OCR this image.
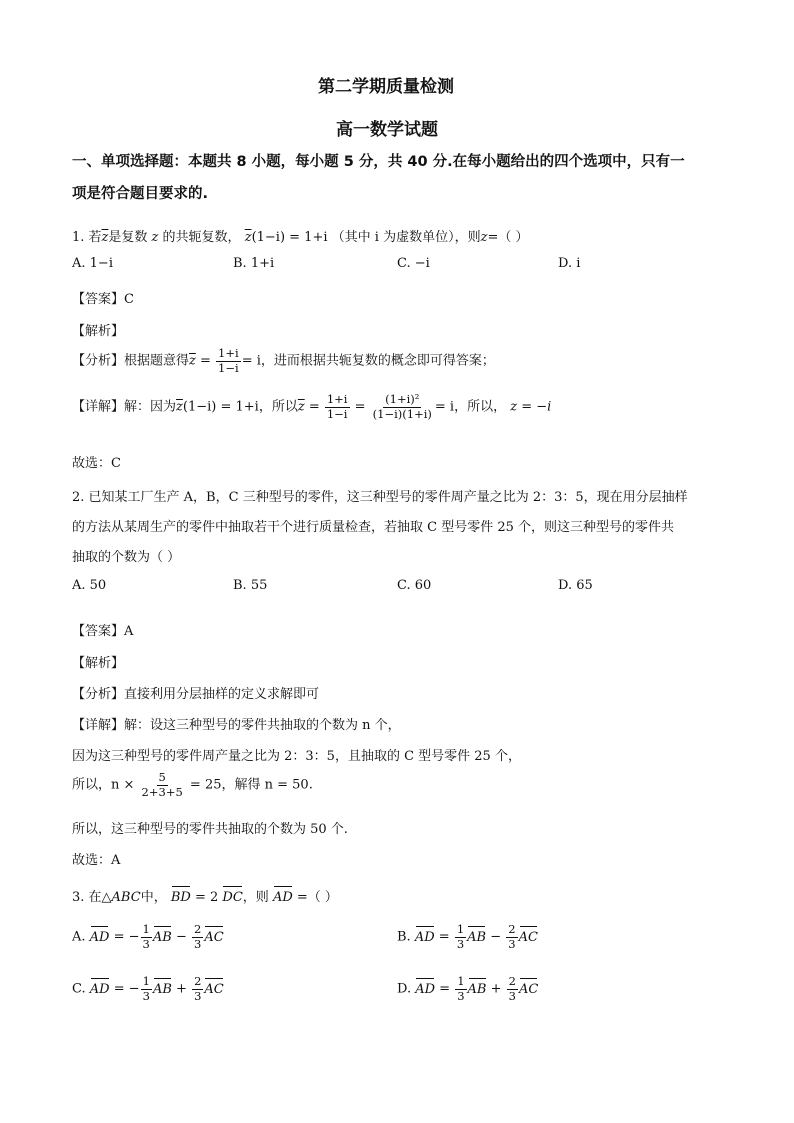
第二学期质量检测
高一数学试题
一、单项选择题：本题共 8 小题，每小题 5 分，共 40 分.在每小题给出的四个选项中，只有一
项是符合题目要求的.
1. 若$\overline{z}$是复数 z 的共轭复数， $\overline{z}(1-i) = 1+i$ （其中 i 为虚数单位），则z=（ ）
A. 1−i	B. 1+i	C. −i	D. i
【答案】C
【解析】
【分析】根据题意得$\overline{z} = \frac{1+i}{1-i} = i$，进而根据共轭复数的概念即可得答案；
【详解】解：因为$\overline{z}(1-i) = 1+i$，所以$\overline{z} = \frac{1+i}{1-i} = \frac{\text{(1+i)²}}{(1-i)(1+i)} = i$，所以， z = −i
故选：C
2. 已知某工厂生产 A，B，C 三种型号的零件，这三种型号的零件周产量之比为 2：3：5，现在用分层抽样
的方法从某周生产的零件中抽取若干个进行质量检查，若抽取 C 型号零件 25 个，则这三种型号的零件共
抽取的个数为（ ）
A. 50	B. 55	C. 60	D. 65
【答案】A
【解析】
【分析】直接利用分层抽样的定义求解即可
【详解】解：设这三种型号的零件共抽取的个数为 n 个，
因为这三种型号的零件周产量之比为 2：3：5，且抽取的 C 型号零件 25 个，
所以，$n \times \frac{5}{2+3+5} = 25$，解得 n = 50.
所以，这三种型号的零件共抽取的个数为 50 个.
故选：A
3. 在△ABC中， BD = 2 DC，则 AD =（ ）
A. AD = − $\frac{1}{3}$ AB − $\frac{2}{3}$ AC	B. AD = $\frac{1}{3}$ AB − $\frac{2}{3}$ AC
C. AD = − $\frac{1}{3}$ AB + $\frac{2}{3}$ AC	D. AD = $\frac{1}{3}$ AB + $\frac{2}{3}$ AC
